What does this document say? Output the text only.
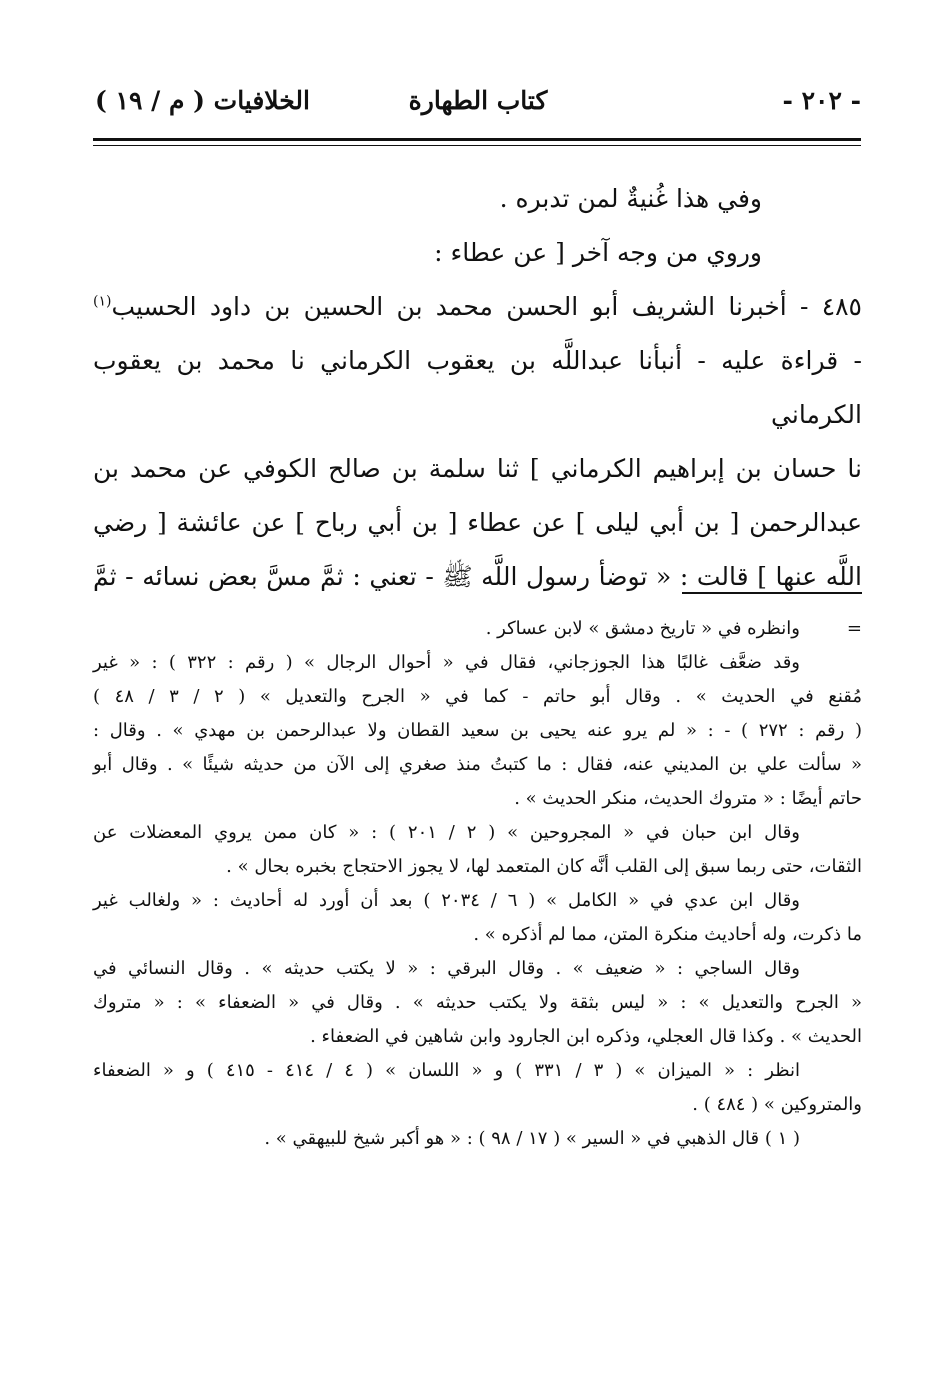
- ٢٠٢ -
كتاب الطهارة
الخلافيات ( م / ١٩ )

وفي هذا غُنيةٌ لمن تدبره .

وروي من وجه آخر [ عن عطاء :

٤٨٥ - أخبرنا الشريف أبو الحسن محمد بن الحسين بن داود الحسيب$^{(١)}$

- قراءة عليه - أنبأنا عبداللَّه بن يعقوب الكرماني نا محمد بن يعقوب الكرماني

نا حسان بن إبراهيم الكرماني ] ثنا سلمة بن صالح الكوفي عن محمد بن

عبدالرحمن [ بن أبي ليلى ] عن عطاء [ بن أبي رباح ] عن عائشة [ رضي

اللَّه عنها ] قالت : « توضأ رسول اللَّه ﷺ - تعني : ثمَّ مسَّ بعض نسائه - ثمَّ

=
وانظره في « تاريخ دمشق » لابن عساكر .

وقد ضعَّف غالبًا هذا الجوزجاني، فقال في « أحوال الرجال » ( رقم : ٣٢٢ ) : « غير

مُقنع في الحديث » . وقال أبو حاتم - كما في « الجرح والتعديل » ( ٢ / ٣ / ٤٨ )

( رقم : ٢٧٢ ) - : « لم يرو عنه يحيى بن سعيد القطان ولا عبدالرحمن بن مهدي » . وقال :

« سألت علي بن المديني عنه، فقال : ما كتبتُ منذ صغري إلى الآن من حديثه شيئًا » . وقال أبو

حاتم أيضًا : « متروك الحديث، منكر الحديث » .

وقال ابن حبان في « المجروحين » ( ٢ / ٢٠١ ) : « كان ممن يروي المعضلات عن

الثقات، حتى ربما سبق إلى القلب أنَّه كان المتعمد لها، لا يجوز الاحتجاج بخبره بحال » .

وقال ابن عدي في « الكامل » ( ٦ / ٢٠٣٤ ) بعد أن أورد له أحاديث : « ولغالب غير

ما ذكرت، وله أحاديث منكرة المتن، مما لم أذكره » .

وقال الساجي : « ضعيف » . وقال البرقي : « لا يكتب حديثه » . وقال النسائي في

« الجرح والتعديل » : « ليس بثقة ولا يكتب حديثه » . وقال في « الضعفاء » : « متروك

الحديث » . وكذا قال العجلي، وذكره ابن الجارود وابن شاهين في الضعفاء .

انظر : « الميزان » ( ٣ / ٣٣١ ) و « اللسان » ( ٤ / ٤١٤ - ٤١٥ ) و « الضعفاء

والمتروكين » ( ٤٨٤ ) .

( ١ ) قال الذهبي في « السير » ( ١٧ / ٩٨ ) : « هو أكبر شيخ للبيهقي » .
